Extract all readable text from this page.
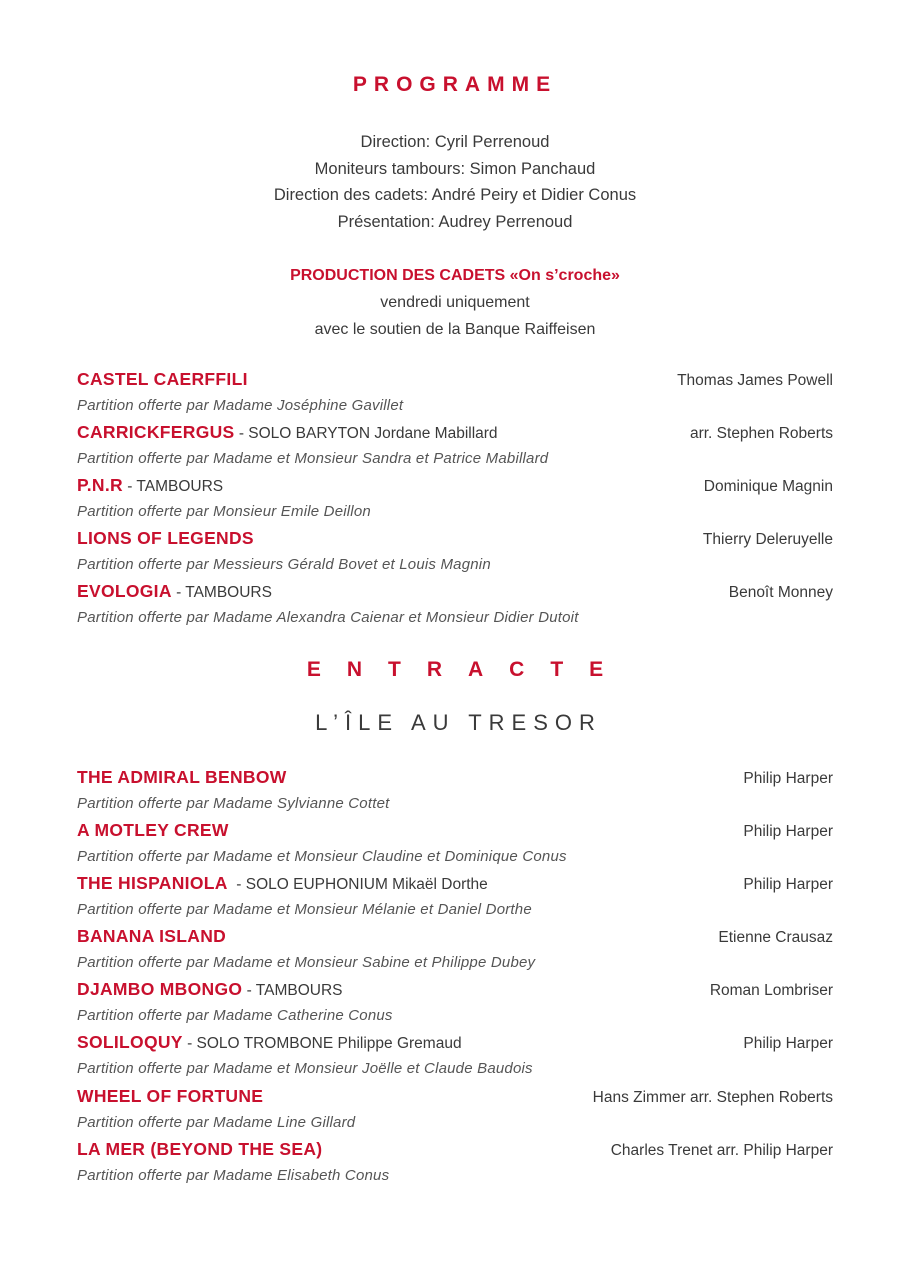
PROGRAMME
Direction: Cyril Perrenoud
Moniteurs tambours: Simon Panchaud
Direction des cadets: André Peiry et Didier Conus
Présentation: Audrey Perrenoud
PRODUCTION DES CADETS «On s’croche»
vendredi uniquement
avec le soutien de la Banque Raiffeisen
CASTEL CAERFFILI	Thomas James Powell
Partition offerte par Madame Joséphine Gavillet
CARRICKFERGUS - SOLO BARYTON Jordane Mabillard	arr. Stephen Roberts
Partition offerte par Madame et Monsieur Sandra et Patrice Mabillard
P.N.R - TAMBOURS	Dominique Magnin
Partition offerte par Monsieur Emile Deillon
LIONS OF LEGENDS	Thierry Deleruyelle
Partition offerte par Messieurs Gérald Bovet et Louis Magnin
EVOLOGIA - TAMBOURS	Benoît Monney
Partition offerte par Madame Alexandra Caienar et Monsieur Didier Dutoit
ENTRACTE
L’ÎLE AU TRESOR
THE ADMIRAL BENBOW	Philip Harper
Partition offerte par Madame Sylvianne Cottet
A MOTLEY CREW	Philip Harper
Partition offerte par Madame et Monsieur Claudine et Dominique Conus
THE HISPANIOLA  - SOLO EUPHONIUM Mikaël Dorthe	Philip Harper
Partition offerte par Madame et Monsieur Mélanie et Daniel Dorthe
BANANA ISLAND	Etienne Crausaz
Partition offerte par Madame et Monsieur Sabine et Philippe Dubey
DJAMBO MBONGO - TAMBOURS	Roman Lombriser
Partition offerte par Madame Catherine Conus
SOLILOQUY - SOLO TROMBONE Philippe Gremaud	Philip Harper
Partition offerte par Madame et Monsieur Joëlle et Claude Baudois
WHEEL OF FORTUNE	Hans Zimmer arr. Stephen Roberts
Partition offerte par Madame Line Gillard
LA MER (BEYOND THE SEA)	Charles Trenet arr. Philip Harper
Partition offerte par Madame Elisabeth Conus
